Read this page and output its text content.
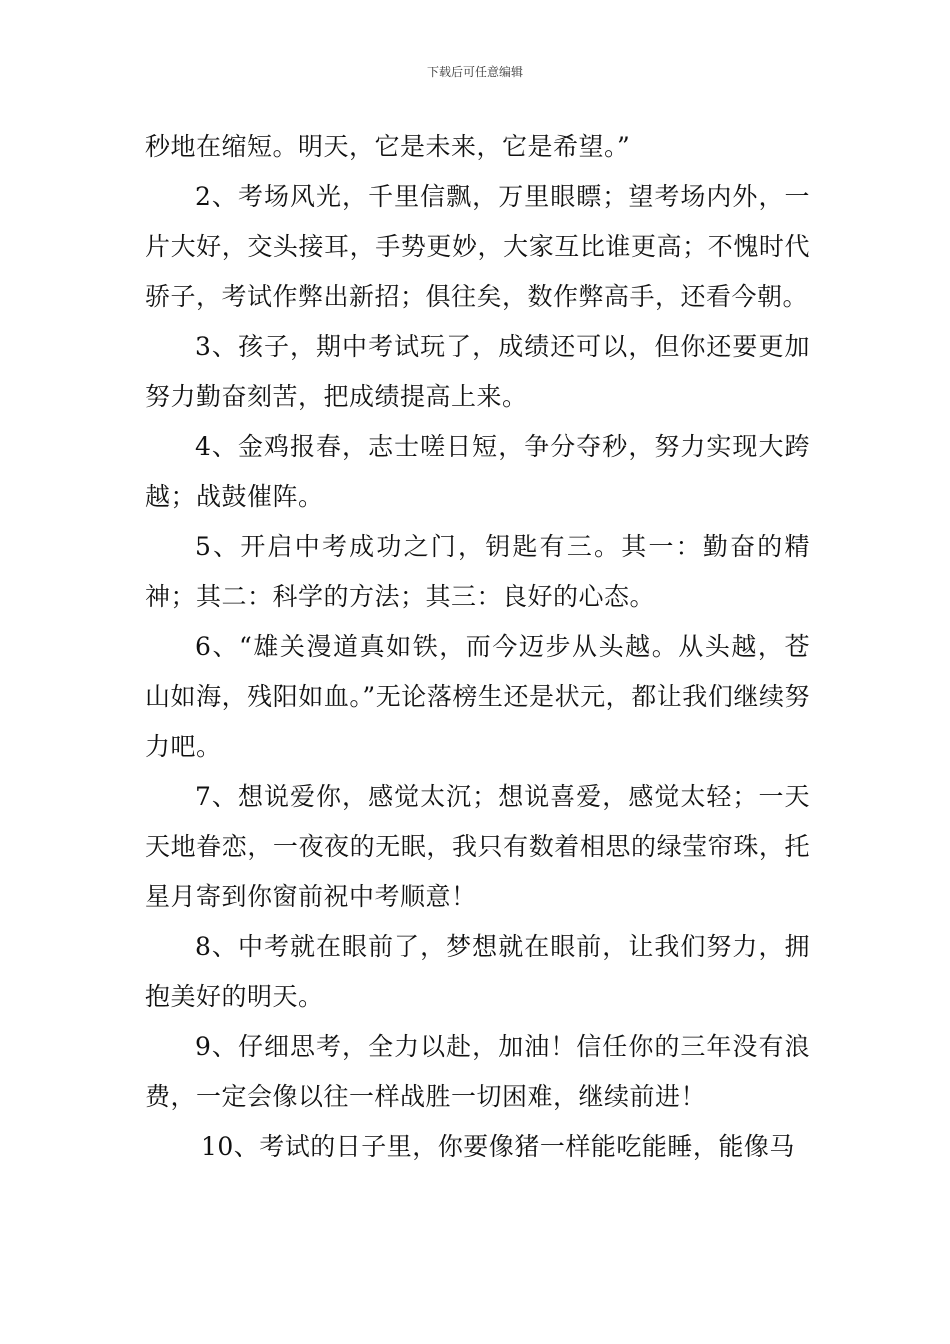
下载后可任意编辑

秒地在缩短。明天，它是未来，它是希望。”

2、考场风光，千里信飘，万里眼瞟；望考场内外，一片大好，交头接耳，手势更妙，大家互比谁更高；不愧时代骄子，考试作弊出新招；俱往矣，数作弊高手，还看今朝。

3、孩子，期中考试玩了，成绩还可以，但你还要更加努力勤奋刻苦，把成绩提高上来。

4、金鸡报春，志士嗟日短，争分夺秒，努力实现大跨越；战鼓催阵。

5、开启中考成功之门，钥匙有三。其一：勤奋的精神；其二：科学的方法；其三：良好的心态。

6、“雄关漫道真如铁，而今迈步从头越。从头越，苍山如海，残阳如血。”无论落榜生还是状元，都让我们继续努力吧。

7、想说爱你，感觉太沉；想说喜爱，感觉太轻；一天天地眷恋，一夜夜的无眠，我只有数着相思的绿莹帘珠，托星月寄到你窗前祝中考顺意！

8、中考就在眼前了，梦想就在眼前，让我们努力，拥抱美好的明天。

9、仔细思考，全力以赴，加油！信任你的三年没有浪费，一定会像以往一样战胜一切困难，继续前进！

10、考试的日子里，你要像猪一样能吃能睡，能像马
